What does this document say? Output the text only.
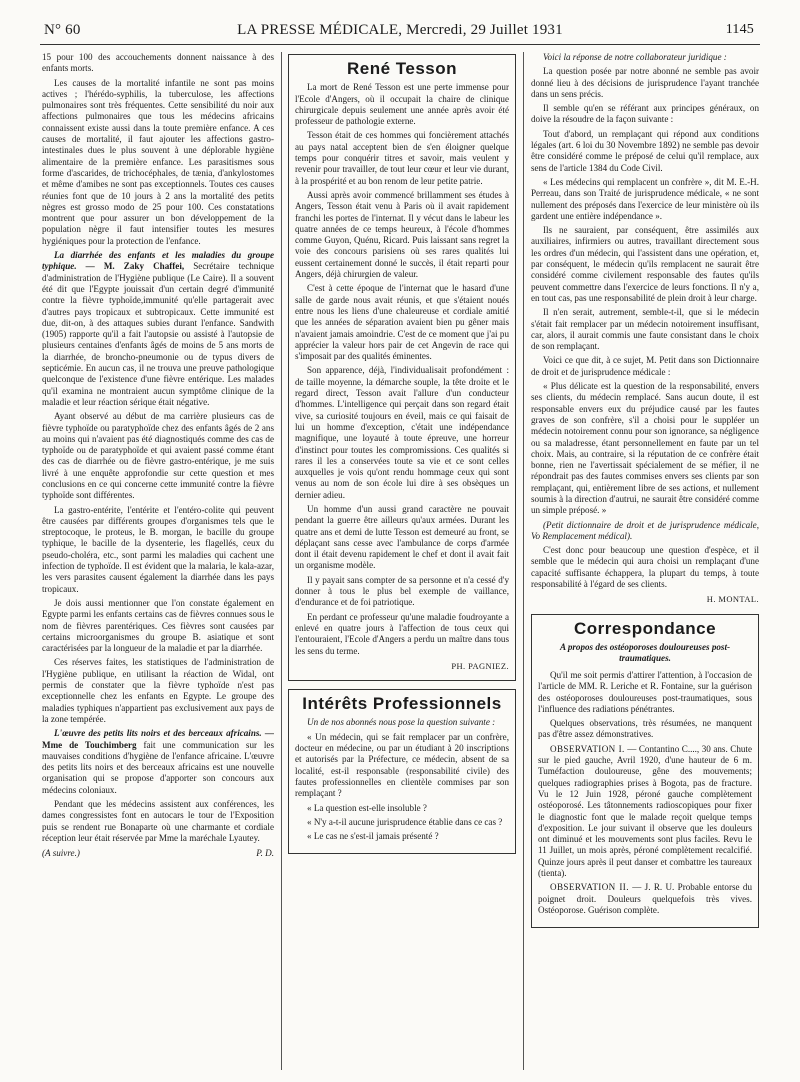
N° 60	LA PRESSE MÉDICALE, Mercredi, 29 Juillet 1931	1145

15 pour 100 des accouchements donnent naissance à des enfants morts.

Les causes de la mortalité infantile ne sont pas moins actives ; l'hérédo-syphilis, la tuberculose, les affections pulmonaires sont très fréquentes. Cette sensibilité du noir aux affections pulmonaires que tous les médecins africains connaissent existe aussi dans la toute première enfance. A ces causes de mortalité, il faut ajouter les affections gastro-intestinales dues le plus souvent à une déplorable hygiène alimentaire de la première enfance. Les parasitismes sous forme d'ascarides, de trichocéphales, de tænia, d'ankylostomes et même d'amibes ne sont pas exceptionnels. Toutes ces causes réunies font que de 10 jours à 2 ans la mortalité des petits nègres est grosso modo de 25 pour 100. Ces constatations montrent que pour assurer un bon développement de la population nègre il faut intensifier toutes les mesures hygiéniques pour la protection de l'enfance.

La diarrhée des enfants et les maladies du groupe typhique. — M. Zaky Chaffei, Secrétaire technique d'administration de l'Hygiène publique (Le Caire). Il a souvent été dit que l'Egypte jouissait d'un certain degré d'immunité contre la fièvre typhoïde,immunité qu'elle partagerait avec d'autres pays tropicaux et subtropicaux. Cette immunité est due, dit-on, à des attaques subies durant l'enfance. Sandwith (1905) rapporte qu'il a fait l'autopsie ou assisté à l'autopsie de plusieurs centaines d'enfants âgés de moins de 5 ans morts de la diarrhée, de broncho-pneumonie ou de typus divers de septicémie. En aucun cas, il ne trouva une preuve pathologique quelconque de l'existence d'une fièvre entérique. Les malades qu'il examina ne montraient aucun symptôme clinique de la maladie et leur réaction sérique était négative.

Ayant observé au début de ma carrière plusieurs cas de fièvre typhoïde ou paratyphoïde chez des enfants âgés de 2 ans au moins qui n'avaient pas été diagnostiqués comme des cas de typhoïde ou de paratyphoïde et qui avaient passé comme étant des cas de diarrhée ou de fièvre gastro-entérique, je me suis livré à une enquête approfondie sur cette question et mes conclusions en ce qui concerne cette immunité contre la fièvre typhoïde sont différentes.

La gastro-entérite, l'entérite et l'entéro-colite qui peuvent être causées par différents groupes d'organismes tels que le streptocoque, le proteus, le B. morgan, le bacille du groupe typhique, le bacille de la dysenterie, les flagellés, ceux du pseudo-choléra, etc., sont parmi les maladies qui cachent une infection de typhoïde. Il est évident que la malaria, le kala-azar, les vers parasites causent également la diarrhée dans les pays tropicaux.

Je dois aussi mentionner que l'on constate également en Egypte parmi les enfants certains cas de fièvres connues sous le nom de fièvres parentériques. Ces fièvres sont causées par certains microorganismes du groupe B. asiatique et sont caractérisées par la longueur de la maladie et par la diarrhée.

Ces réserves faites, les statistiques de l'administration de l'Hygiène publique, en utilisant la réaction de Widal, ont permis de constater que la fièvre typhoïde n'est pas exceptionnelle chez les enfants en Egypte. Le groupe des maladies typhiques n'appartient pas exclusivement aux pays de la zone tempérée.

L'œuvre des petits lits noirs et des berceaux africains. — Mme de Touchimberg fait une communication sur les mauvaises conditions d'hygiène de l'enfance africaine. L'œuvre des petits lits noirs et des berceaux africains est une nouvelle organisation qui se propose d'apporter son concours aux médecins coloniaux.

Pendant que les médecins assistent aux conférences, les dames congressistes font en autocars le tour de l'Exposition puis se rendent rue Bonaparte où une charmante et cordiale réception leur était réservée par Mme la maréchale Lyautey.

(A suivre.)	P. D.
René Tesson

La mort de René Tesson est une perte immense pour l'Ecole d'Angers, où il occupait la chaire de clinique chirurgicale depuis seulement une année après avoir été professeur de pathologie externe.

Tesson était de ces hommes qui foncièrement attachés au pays natal acceptent bien de s'en éloigner quelque temps pour conquérir titres et savoir, mais veulent y revenir pour travailler, de tout leur cœur et leur vie durant, à la prospérité et au bon renom de leur petite patrie.

Aussi après avoir commencé brillamment ses études à Angers, Tesson était venu à Paris où il avait rapidement franchi les portes de l'internat. Il y vécut dans le labeur les quatre années de ce temps heureux, à l'école d'hommes comme Guyon, Quénu, Ricard. Puis laissant sans regret la voie des concours parisiens où ses rares qualités lui eussent certainement donné le succès, il était reparti pour Angers, déjà chirurgien de valeur.

C'est à cette époque de l'internat que le hasard d'une salle de garde nous avait réunis, et que s'étaient noués entre nous les liens d'une chaleureuse et cordiale amitié que les années de séparation avaient bien pu gêner mais n'avaient jamais amoindrie. C'est de ce moment que j'ai pu apprécier la valeur hors pair de cet Angevin de race qui s'imposait par des qualités éminentes.

Son apparence, déjà, l'individualisait profondément : de taille moyenne, la démarche souple, la tête droite et le regard direct, Tesson avait l'allure d'un conducteur d'hommes. L'intelligence qui perçait dans son regard était vive, sa curiosité toujours en éveil, mais ce qui faisait de lui un homme d'exception, c'était une indépendance magnifique, une loyauté à toute épreuve, une horreur d'instinct pour toutes les compromissions. Ces qualités si rares il les a conservées toute sa vie et ce sont celles auxquelles je vois qu'ont rendu hommage ceux qui sont venus au nom de son école lui dire à ses obsèques un dernier adieu.

Un homme d'un aussi grand caractère ne pouvait pendant la guerre être ailleurs qu'aux armées. Durant les quatre ans et demi de lutte Tesson est demeuré au front, se déplaçant sans cesse avec l'ambulance de corps d'armée dont il était devenu rapidement le chef et dont il avait fait un organisme modèle.

Il y payait sans compter de sa personne et n'a cessé d'y donner à tous le plus bel exemple de vaillance, d'endurance et de foi patriotique.

En perdant ce professeur qu'une maladie foudroyante a enlevé en quatre jours à l'affection de tous ceux qui l'entouraient, l'Ecole d'Angers a perdu un maître dans tous les sens du terme.

PH. PAGNIEZ.
Intérêts Professionnels

Un de nos abonnés nous pose la question suivante :

« Un médecin, qui se fait remplacer par un confrère, docteur en médecine, ou par un étudiant à 20 inscriptions et autorisés par la Préfecture, ce médecin, absent de sa localité, est-il responsable (responsabilité civile) des fautes professionnelles en clientèle commises par son remplaçant ?

« La question est-elle insoluble ?

« N'y a-t-il aucune jurisprudence établie dans ce cas ?

« Le cas ne s'est-il jamais présenté ?

Voici la réponse de notre collaborateur juridique :

La question posée par notre abonné ne semble pas avoir donné lieu à des décisions de jurisprudence l'ayant tranchée dans un sens précis.

Il semble qu'en se référant aux principes généraux, on doive la résoudre de la façon suivante :

Tout d'abord, un remplaçant qui répond aux conditions légales (art. 6 loi du 30 Novembre 1892) ne semble pas devoir être considéré comme le préposé de celui qu'il remplace, aux sens de l'article 1384 du Code Civil.

« Les médecins qui remplacent un confrère », dit M. E.-H. Perreau, dans son Traité de jurisprudence médicale, « ne sont nullement des préposés dans l'exercice de leur ministère où ils gardent une entière indépendance ».

Ils ne sauraient, par conséquent, être assimilés aux auxiliaires, infirmiers ou autres, travaillant directement sous les ordres d'un médecin, qui l'assistent dans une opération, et, par conséquent, le médecin qu'ils remplacent ne saurait être considéré comme civilement responsable des fautes qu'ils peuvent commettre dans l'exercice de leurs fonctions. Il n'y a, en tout cas, pas une responsabilité de plein droit à leur charge.

Il n'en serait, autrement, semble-t-il, que si le médecin s'était fait remplacer par un médecin notoirement insuffisant, car, alors, il aurait commis une faute consistant dans le choix de son remplaçant.

Voici ce que dit, à ce sujet, M. Petit dans son Dictionnaire de droit et de jurisprudence médicale :

« Plus délicate est la question de la responsabilité, envers ses clients, du médecin remplacé. Sans aucun doute, il est responsable envers eux du préjudice causé par les fautes graves de son confrère, s'il a choisi pour le suppléer un médecin notoirement connu pour son ignorance, sa négligence ou sa maladresse, étant personnellement en faute par un tel choix. Mais, au contraire, si la réputation de ce confrère était bonne, rien ne l'avertissait spécialement de se méfier, il ne répondrait pas des fautes commises envers ses clients par son remplaçant, qui, entièrement libre de ses actions, et nullement soumis à la direction d'autrui, ne saurait être considéré comme un simple préposé. »

(Petit dictionnaire de droit et de jurisprudence médicale, Vo Remplacement médical).

C'est donc pour beaucoup une question d'espèce, et il semble que le médecin qui aura choisi un remplaçant d'une capacité suffisante échappera, la plupart du temps, à toute responsabilité à l'égard de ses clients.

H. MONTAL.
Correspondance
A propos des ostéoporoses douloureuses post-traumatiques.

Qu'il me soit permis d'attirer l'attention, à l'occasion de l'article de MM. R. Leriche et R. Fontaine, sur la guérison des ostéoporoses douloureuses post-traumatiques, sous l'influence des radiations pénétrantes.

Quelques observations, très résumées, ne manquent pas d'être assez démonstratives.

OBSERVATION I. — Contantino C...., 30 ans. Chute sur le pied gauche, Avril 1920, d'une hauteur de 6 m. Tuméfaction douloureuse, gêne des mouvements; quelques radiographies prises à Bogota, pas de fracture. Vu le 12 Juin 1928, péroné gauche complètement ostéoporosé. Les tâtonnements radioscopiques pour fixer le diagnostic font que le malade reçoit quelque temps d'exposition. Le jour suivant il observe que les douleurs ont diminué et les mouvements sont plus faciles. Revu le 11 Juillet, un mois après, péroné complètement recalcifié. Quinze jours après il peut danser et combattre les taureaux (tienta).

OBSERVATION II. — J. R. U. Probable entorse du poignet droit. Douleurs quelquefois très vives. Ostéoporose. Guérison complète.
